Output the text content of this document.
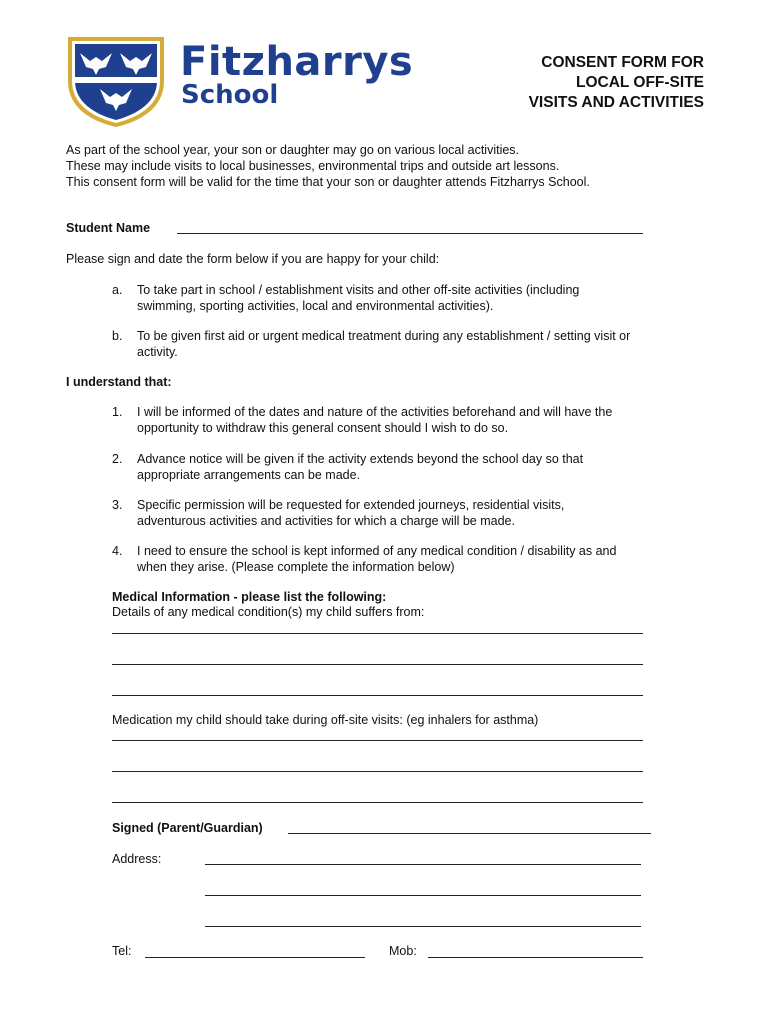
Fitzharrys
School
CONSENT FORM FOR
LOCAL OFF-SITE
VISITS AND ACTIVITIES
As part of the school year, your son or daughter may go on various local activities.
These may include visits to local businesses, environmental trips and outside art lessons.
This consent form will be valid for the time that your son or daughter attends Fitzharrys School.
Student Name
Please sign and date the form below if you are happy for your child:
a. To take part in school / establishment visits and other off-site activities (including
swimming, sporting activities, local and environmental activities).
b. To be given first aid or urgent medical treatment during any establishment / setting visit or
activity.
I understand that:
1. I will be informed of the dates and nature of the activities beforehand and will have the
opportunity to withdraw this general consent should I wish to do so.
2. Advance notice will be given if the activity extends beyond the school day so that
appropriate arrangements can be made.
3. Specific permission will be requested for extended journeys, residential visits,
adventurous activities and activities for which a charge will be made.
4. I need to ensure the school is kept informed of any medical condition / disability as and
when they arise. (Please complete the information below)
Medical Information - please list the following:
Details of any medical condition(s) my child suffers from:
Medication my child should take during off-site visits: (eg inhalers for asthma)
Signed (Parent/Guardian)
Address:
Tel:	Mob:
